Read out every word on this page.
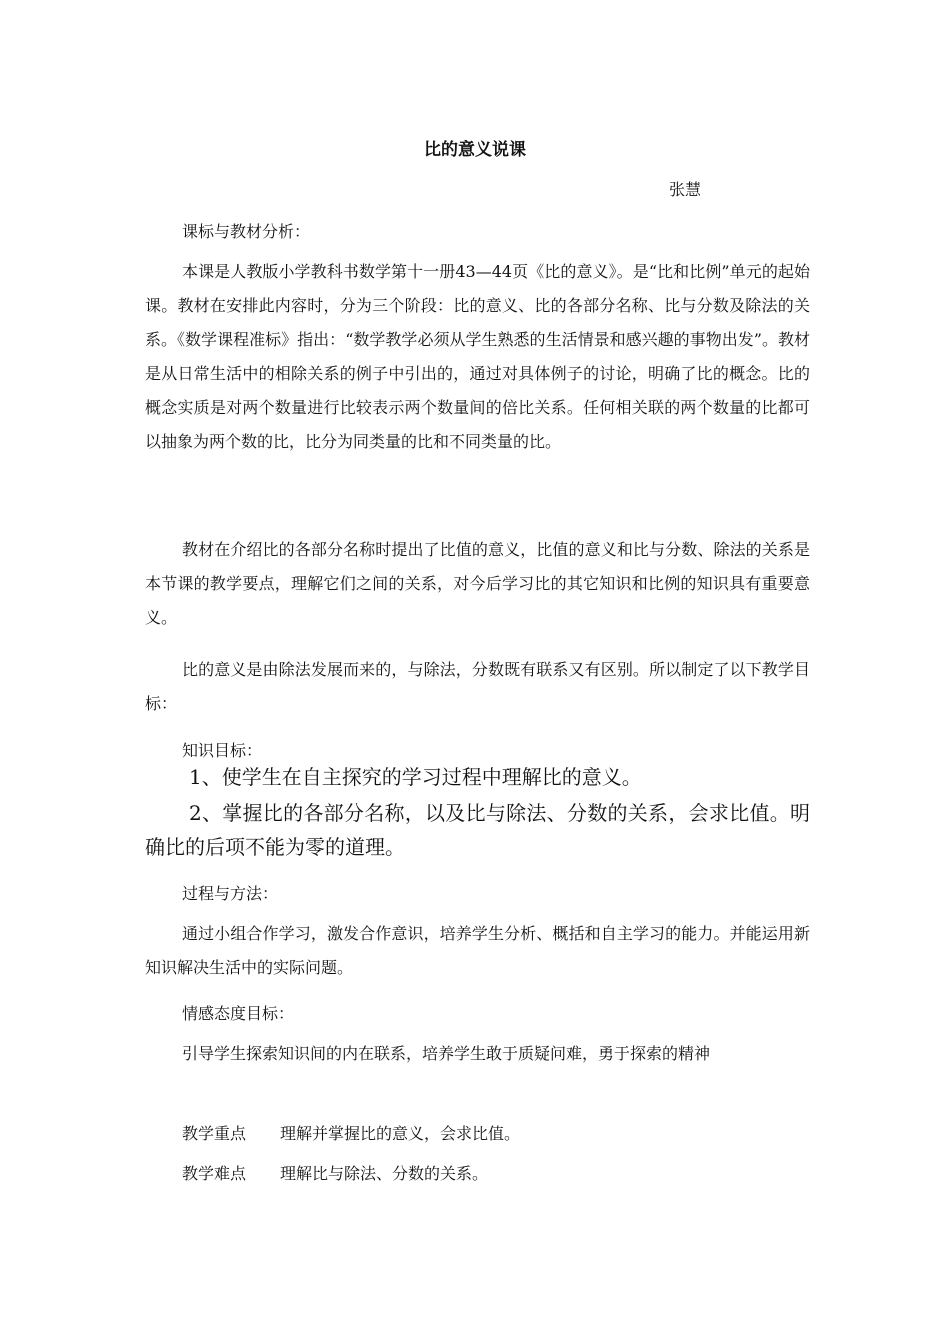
比的意义说课
张慧
课标与教材分析：
本课是人教版小学教科书数学第十一册43—44页《比的意义》。是“比和比例”单元的起始课。教材在安排此内容时，分为三个阶段：比的意义、比的各部分名称、比与分数及除法的关系。《数学课程准标》指出：“数学教学必须从学生熟悉的生活情景和感兴趣的事物出发”。教材是从日常生活中的相除关系的例子中引出的，通过对具体例子的讨论，明确了比的概念。比的概念实质是对两个数量进行比较表示两个数量间的倍比关系。任何相关联的两个数量的比都可以抽象为两个数的比，比分为同类量的比和不同类量的比。
教材在介绍比的各部分名称时提出了比值的意义，比值的意义和比与分数、除法的关系是本节课的教学要点，理解它们之间的关系，对今后学习比的其它知识和比例的知识具有重要意义。
比的意义是由除法发展而来的，与除法，分数既有联系又有区别。所以制定了以下教学目标：
知识目标：
1、使学生在自主探究的学习过程中理解比的意义。
2、掌握比的各部分名称，以及比与除法、分数的关系，会求比值。明确比的后项不能为零的道理。
过程与方法：
通过小组合作学习，激发合作意识，培养学生分析、概括和自主学习的能力。并能运用新知识解决生活中的实际问题。
情感态度目标：
引导学生探索知识间的内在联系，培养学生敢于质疑问难，勇于探索的精神
教学重点 理解并掌握比的意义，会求比值。
教学难点 理解比与除法、分数的关系。
